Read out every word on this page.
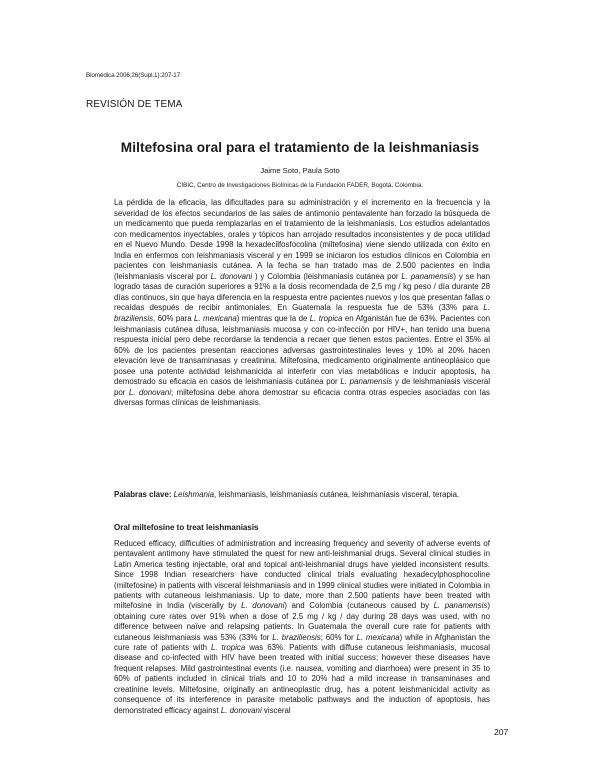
Biomédica 2006;26(Supl.1):207-17
REVISIÓN DE TEMA
Miltefosina oral para el tratamiento de la leishmaniasis
Jaime Soto, Paula Soto
CIBIC, Centro de Investigaciones Biolínicas de la Fundación FADER, Bogotá, Colombia.

La pérdida de la eficacia, las dificultades para su administración y el incremento en la frecuencia y la severidad de los efectos secundarios de las sales de antimonio pentavalente han forzado la búsqueda de un medicamento que pueda remplazarlas en el tratamiento de la leishmaniasis. Los estudios adelantados con medicamentos inyectables, orales y tópicos han arrojado resultados inconsistentes y de poca utilidad en el Nuevo Mundo. Desde 1998 la hexadecilfosfocolina (miltefosina) viene siendo utilizada con éxito en India en enfermos con leishmaniasis visceral y en 1999 se iniciaron los estudios clínicos en Colombia en pacientes con leishmaniasis cutánea. A la fecha se han tratado mas de 2.500 pacientes en India (leishmaniasis visceral por L. donovani ) y Colombia (leishmaniasis cutánea por L. panamensis) y se han logrado tasas de curación superiores a 91% a la dosis recomendada de 2,5 mg / kg peso / día durante 28 días continuos, sin que haya diferencia en la respuesta entre pacientes nuevos y los que presentan fallas o recaídas después de recibir antimoniales. En Guatemala la respuesta fue de 53% (33% para L. braziliensis, 60% para L. mexicana) mientras que la de L. tropica en Afganistán fue de 63%. Pacientes con leishmaniasis cutánea difusa, leishmaniasis mucosa y con co-infección por HIV+, han tenido una buena respuesta inicial pero debe recordarse la tendencia a recaer que tienen estos pacientes. Entre el 35% al 60% de los pacientes presentan reacciones adversas gastrointestinales leves y 10% al 20% hacen elevación leve de transaminasas y creatinina. Miltefosina, medicamento originalmente antineoplásico que posee una potente actividad leishmanicida al interferir con vías metabólicas e inducir apoptosis, ha demostrado su eficacia en casos de leishmaniasis cutánea por L. panamensis y de leishmaniasis visceral por L. donovani; miltefosina debe ahora demostrar su eficacia contra otras especies asociadas con las diversas formas clínicas de leishmaniasis.

Palabras clave: Leishmania, leishmaniasis, leishmaniasis cutánea, leishmaniasis visceral, terapia.

Oral miltefosine to treat leishmaniasis

Reduced efficacy, difficulties of administration and increasing frequency and severity of adverse events of pentavalent antimony have stimulated the quest for new anti-leishmanial drugs. Several clinical studies in Latin America testing injectable, oral and topical anti-leishmanial drugs have yielded inconsistent results. Since 1998 Indian researchers have conducted clinical trials evaluating hexadecylphosphocoline (miltefosine) in patients with visceral leishmaniasis and in 1999 clinical studies were initiated in Colombia in patients with cutaneous leishmaniasis. Up to date, more than 2.500 patients have been treated with miltefosine in India (viscerally by L. donovani) and Colombia (cutaneous caused by L. panamensis) obtaining cure rates over 91% when a dose of 2.5 mg / kg / day during 28 days was used, with no difference between naïve and relapsing patients. In Guatemala the overall cure rate for patients with cutaneous leishmaniasis was 53% (33% for L. braziliensis; 60% for L. mexicana) while in Afghanistan the cure rate of patients with L. tropica was 63%. Patients with diffuse cutaneous leishmaniasis, mucosal disease and co-infected with HIV have been treated with initial success; however these diseases have frequent relapses. Mild gastrointestinal events (i.e. nausea, vomiting and diarrhoea) were present in 35 to 60% of patients included in clinical trials and 10 to 20% had a mild increase in transaminases and creatinine levels. Miltefosine, originally an antineoplastic drug, has a potent leishmanicidal activity as consequence of its interference in parasite metabolic pathways and the induction of apoptosis, has demonstrated efficacy against L. donovani visceral

207
